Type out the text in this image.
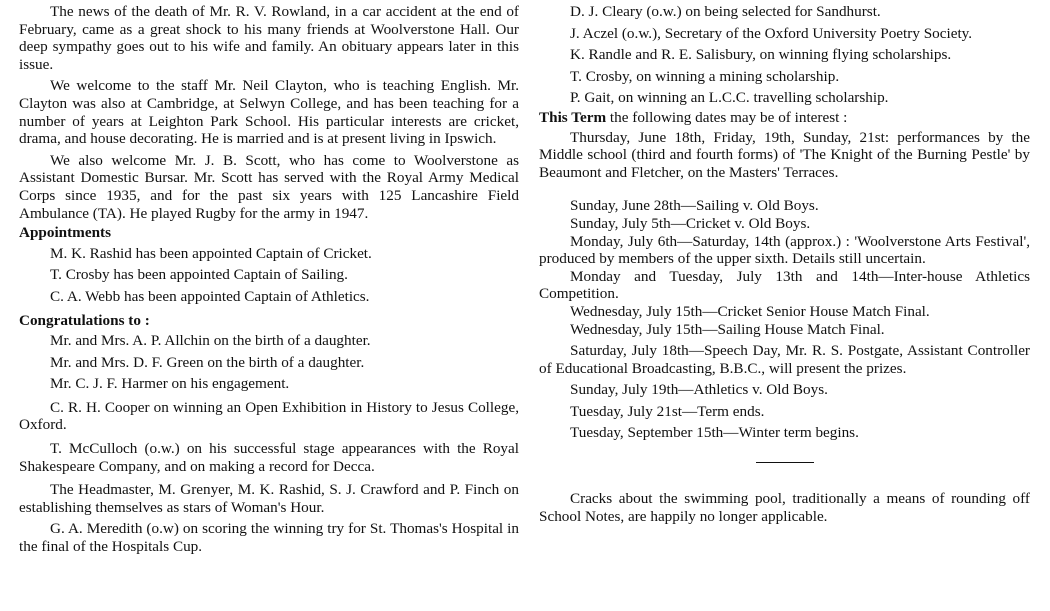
The news of the death of Mr. R. V. Rowland, in a car accident at the end of February, came as a great shock to his many friends at Woolverstone Hall. Our deep sympathy goes out to his wife and family. An obituary appears later in this issue.

We welcome to the staff Mr. Neil Clayton, who is teaching English. Mr. Clayton was also at Cambridge, at Selwyn College, and has been teaching for a number of years at Leighton Park School. His particular interests are cricket, drama, and house decorating. He is married and is at present living in Ipswich.

We also welcome Mr. J. B. Scott, who has come to Woolverstone as Assistant Domestic Bursar. Mr. Scott has served with the Royal Army Medical Corps since 1935, and for the past six years with 125 Lancashire Field Ambulance (TA). He played Rugby for the army in 1947.

Appointments

M. K. Rashid has been appointed Captain of Cricket.

T. Crosby has been appointed Captain of Sailing.

C. A. Webb has been appointed Captain of Athletics.

Congratulations to :

Mr. and Mrs. A. P. Allchin on the birth of a daughter.

Mr. and Mrs. D. F. Green on the birth of a daughter.

Mr. C. J. F. Harmer on his engagement.

C. R. H. Cooper on winning an Open Exhibition in History to Jesus College, Oxford.

T. McCulloch (o.w.) on his successful stage appearances with the Royal Shakespeare Company, and on making a record for Decca.

The Headmaster, M. Grenyer, M. K. Rashid, S. J. Crawford and P. Finch on establishing themselves as stars of Woman's Hour.

G. A. Meredith (o.w) on scoring the winning try for St. Thomas's Hospital in the final of the Hospitals Cup.

D. J. Cleary (o.w.) on being selected for Sandhurst.

J. Aczel (o.w.), Secretary of the Oxford University Poetry Society.

K. Randle and R. E. Salisbury, on winning flying scholarships.

T. Crosby, on winning a mining scholarship.

P. Gait, on winning an L.C.C. travelling scholarship.

This Term the following dates may be of interest :

Thursday, June 18th, Friday, 19th, Sunday, 21st: performances by the Middle school (third and fourth forms) of 'The Knight of the Burning Pestle' by Beaumont and Fletcher, on the Masters' Terraces.

Sunday, June 28th—Sailing v. Old Boys.

Sunday, July 5th—Cricket v. Old Boys.

Monday, July 6th—Saturday, 14th (approx.) : 'Woolverstone Arts Festival', produced by members of the upper sixth. Details still uncertain.

Monday and Tuesday, July 13th and 14th—Inter-house Athletics Competition.

Wednesday, July 15th—Cricket Senior House Match Final.

Wednesday, July 15th—Sailing House Match Final.

Saturday, July 18th—Speech Day, Mr. R. S. Postgate, Assistant Controller of Educational Broadcasting, B.B.C., will present the prizes.

Sunday, July 19th—Athletics v. Old Boys.

Tuesday, July 21st—Term ends.

Tuesday, September 15th—Winter term begins.

Cracks about the swimming pool, traditionally a means of rounding off School Notes, are happily no longer applicable.
